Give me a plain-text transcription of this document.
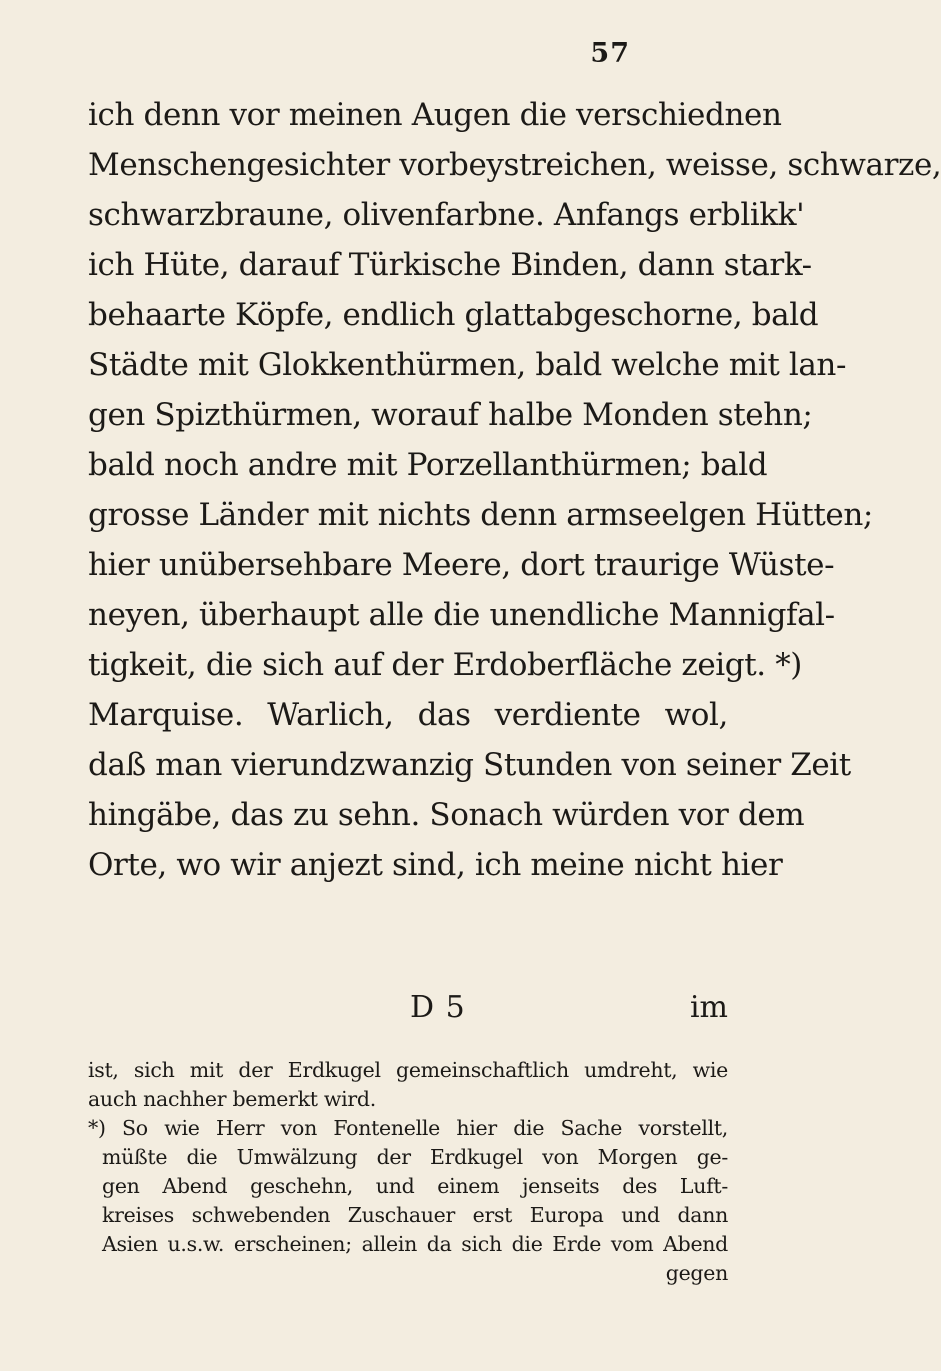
57
ich denn vor meinen Augen die verschiednen
Menschengesichter vorbeystreichen, weisse, schwarze,
schwarzbraune, olivenfarbne. Anfangs erblikk'
ich Hüte, darauf Türkische Binden, dann stark-
behaarte Köpfe, endlich glattabgeschorne, bald
Städte mit Glokkenthürmen, bald welche mit lan-
gen Spizthürmen, worauf halbe Monden stehn;
bald noch andre mit Porzellanthürmen; bald
grosse Länder mit nichts denn armseelgen Hütten;
hier unübersehbare Meere, dort traurige Wüste-
neyen, überhaupt alle die unendliche Mannigfal-
tigkeit, die sich auf der Erdoberfläche zeigt. *)
Marquise. Warlich, das verdiente wol,
daß man vierundzwanzig Stunden von seiner Zeit
hingäbe, das zu sehn. Sonach würden vor dem
Orte, wo wir anjezt sind, ich meine nicht hier
D 5	im
ist, sich mit der Erdkugel gemeinschaftlich umdreht, wie
auch nachher bemerkt wird.
*) So wie Herr von Fontenelle hier die Sache vorstellt,
müßte die Umwälzung der Erdkugel von Morgen ge-
gen Abend geschehn, und einem jenseits des Luft-
kreises schwebenden Zuschauer erst Europa und dann
Asien u.s.w. erscheinen; allein da sich die Erde vom Abend
gegen
